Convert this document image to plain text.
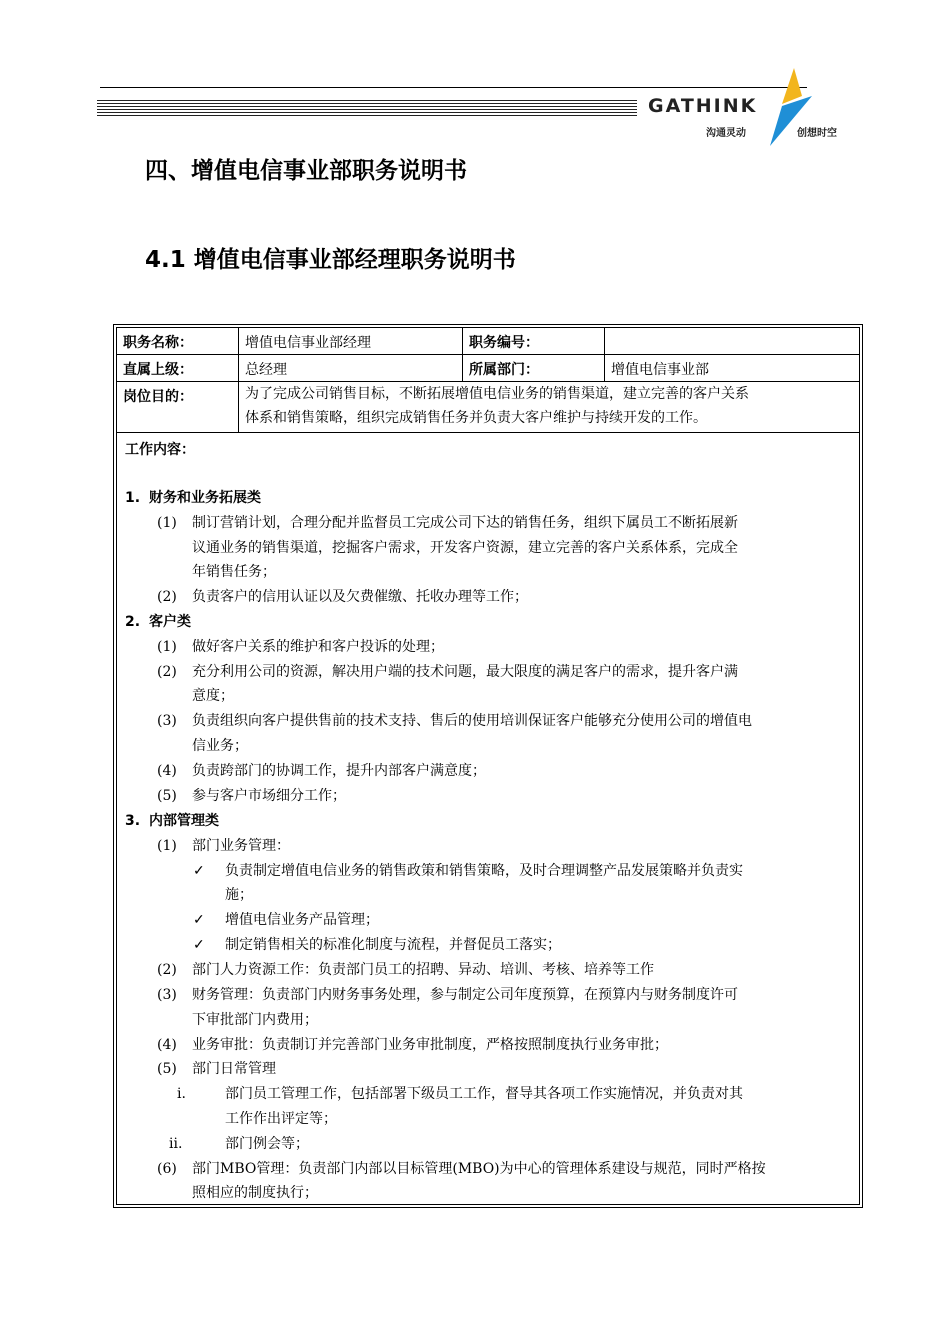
GATHINK
沟通灵动	创想时空
四、增值电信事业部职务说明书
4.1 增值电信事业部经理职务说明书
职务名称：	增值电信事业部经理	职务编号：
直属上级：	总经理	所属部门：	增值电信事业部
岗位目的：	为了完成公司销售目标，不断拓展增值电信业务的销售渠道，建立完善的客户关系
体系和销售策略，组织完成销售任务并负责大客户维护与持续开发的工作。
工作内容：
1. 财务和业务拓展类
(1) 制订营销计划，合理分配并监督员工完成公司下达的销售任务，组织下属员工不断拓展新
议通业务的销售渠道，挖掘客户需求，开发客户资源，建立完善的客户关系体系，完成全
年销售任务；
(2) 负责客户的信用认证以及欠费催缴、托收办理等工作；
2. 客户类
(1) 做好客户关系的维护和客户投诉的处理；
(2) 充分利用公司的资源，解决用户端的技术问题，最大限度的满足客户的需求，提升客户满
意度；
(3) 负责组织向客户提供售前的技术支持、售后的使用培训保证客户能够充分使用公司的增值电
信业务；
(4) 负责跨部门的协调工作，提升内部客户满意度；
(5) 参与客户市场细分工作；
3. 内部管理类
(1) 部门业务管理：
✓ 负责制定增值电信业务的销售政策和销售策略，及时合理调整产品发展策略并负责实
施；
✓ 增值电信业务产品管理；
✓ 制定销售相关的标准化制度与流程，并督促员工落实；
(2) 部门人力资源工作：负责部门员工的招聘、异动、培训、考核、培养等工作
(3) 财务管理：负责部门内财务事务处理，参与制定公司年度预算，在预算内与财务制度许可
下审批部门内费用；
(4) 业务审批：负责制订并完善部门业务审批制度，严格按照制度执行业务审批；
(5) 部门日常管理
i.	部门员工管理工作，包括部署下级员工工作，督导其各项工作实施情况，并负责对其
工作作出评定等；
ii.	部门例会等；
(6) 部门MBO管理：负责部门内部以目标管理(MBO)为中心的管理体系建设与规范，同时严格按
照相应的制度执行；
